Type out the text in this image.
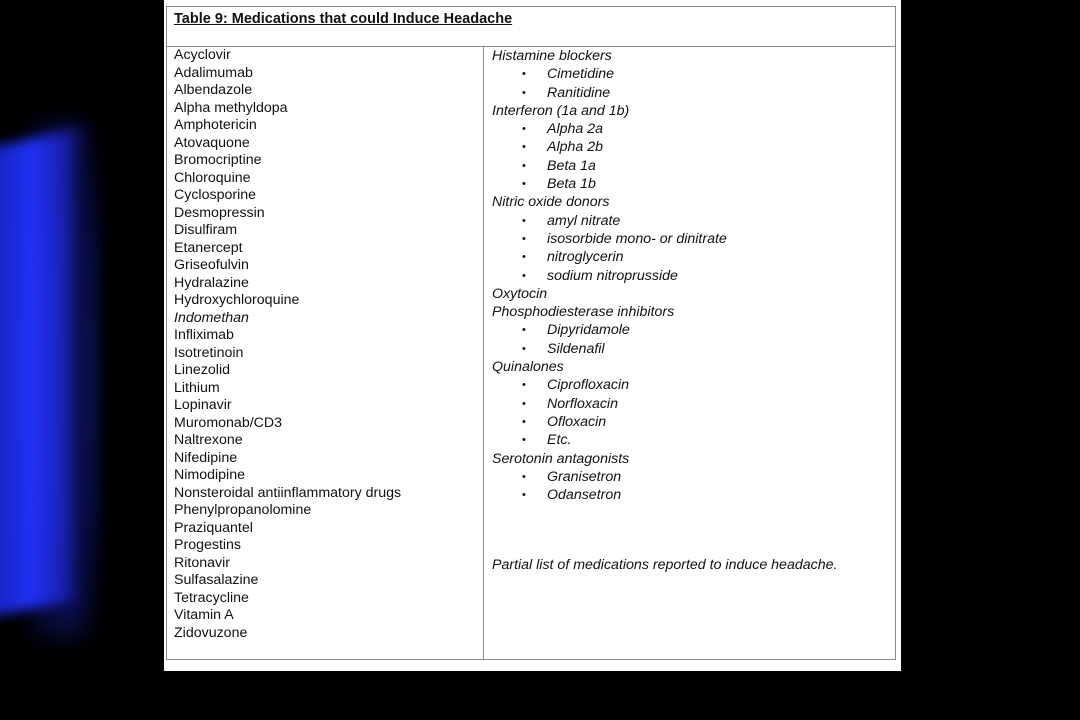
Table 9: Medications that could Induce Headache
Acyclovir
Adalimumab
Albendazole
Alpha methyldopa
Amphotericin
Atovaquone
Bromocriptine
Chloroquine
Cyclosporine
Desmopressin
Disulfiram
Etanercept
Griseofulvin
Hydralazine
Hydroxychloroquine
Indomethan
Infliximab
Isotretinoin
Linezolid
Lithium
Lopinavir
Muromonab/CD3
Naltrexone
Nifedipine
Nimodipine
Nonsteroidal antiinflammatory drugs
Phenylpropanolomine
Praziquantel
Progestins
Ritonavir
Sulfasalazine
Tetracycline
Vitamin A
Zidovuzone
Histamine blockers
• Cimetidine
• Ranitidine
Interferon (1a and 1b)
• Alpha 2a
• Alpha 2b
• Beta 1a
• Beta 1b
Nitric oxide donors
• amyl nitrate
• isosorbide mono- or dinitrate
• nitroglycerin
• sodium nitroprusside
Oxytocin
Phosphodiesterase inhibitors
• Dipyridamole
• Sildenafil
Quinalones
• Ciprofloxacin
• Norfloxacin
• Ofloxacin
• Etc.
Serotonin antagonists
• Granisetron
• Odansetron
Partial list of medications reported to induce headache.
